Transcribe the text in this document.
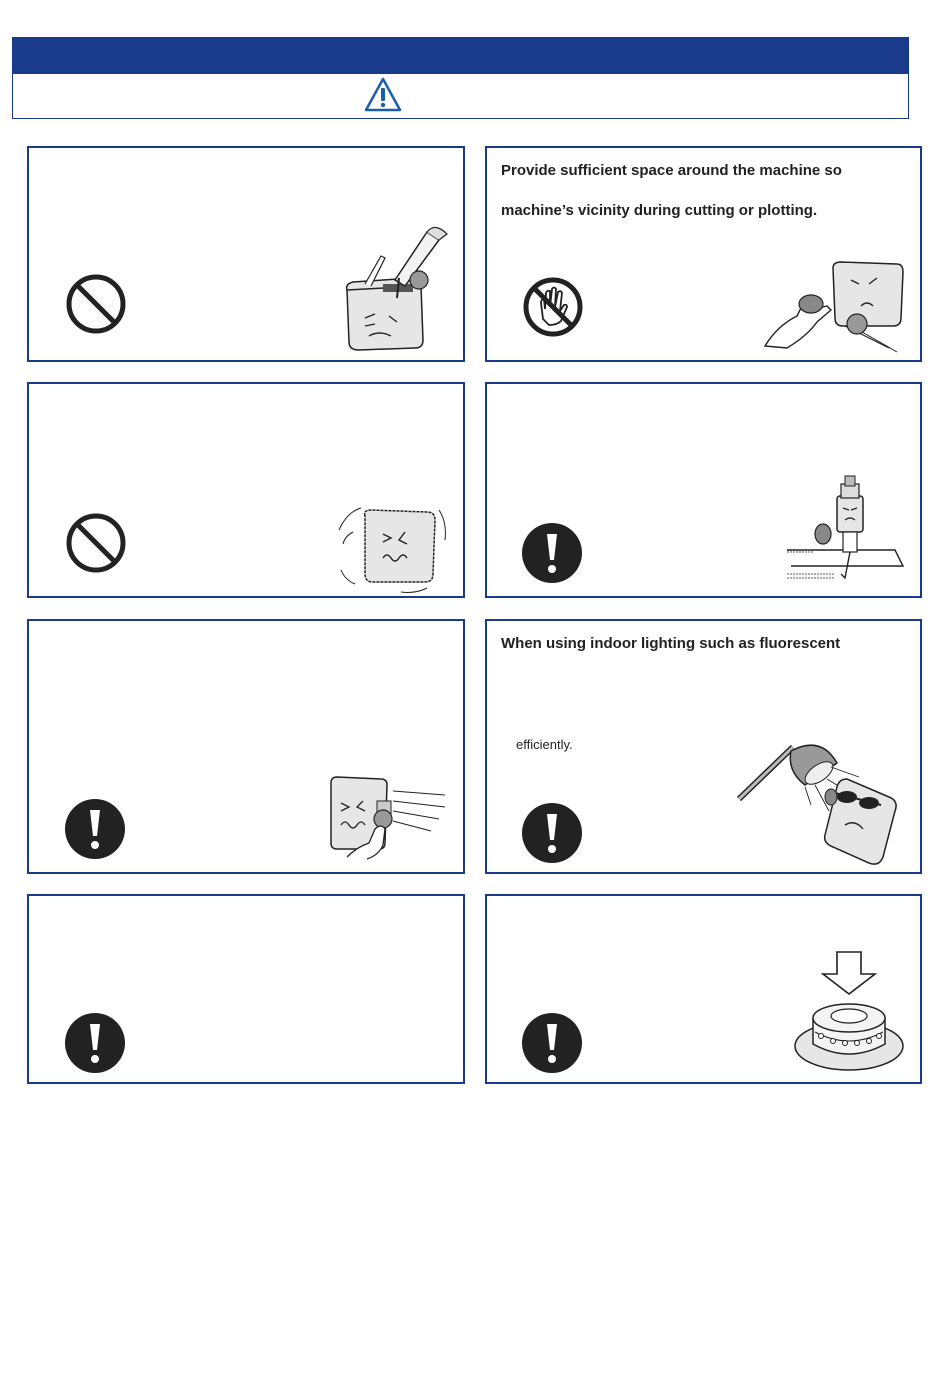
Provide sufficient space around the machine so
machine’s vicinity during cutting or plotting.
When using indoor lighting such as fluorescent
efficiently.
